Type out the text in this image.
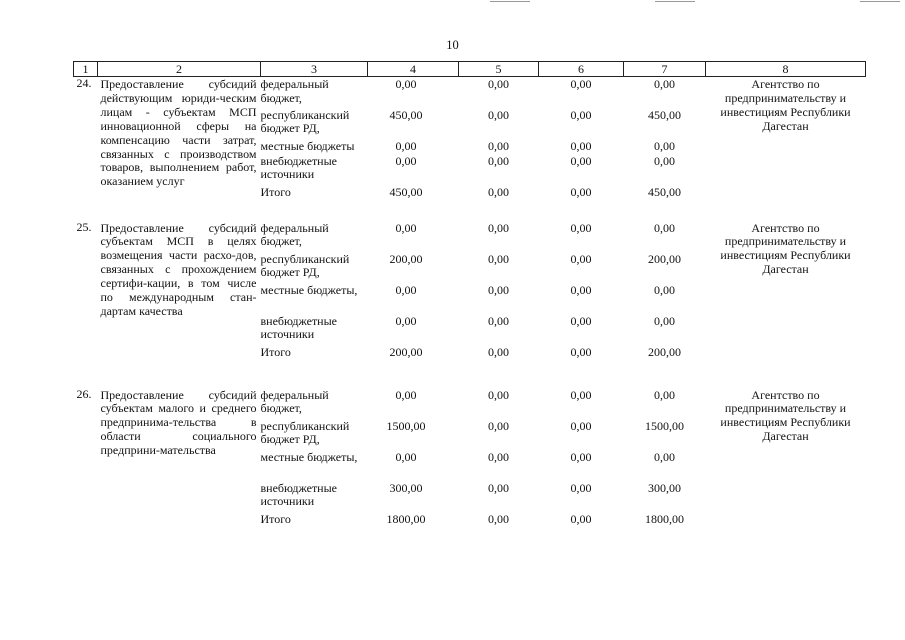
10
1	2	3	4	5	6	7	8
24.	Предоставление субсидий действующим юриди-ческим лицам - субъектам МСП инновационной сферы на компенсацию части затрат, связанных с производством товаров, выполнением работ, оказанием услуг	федеральный бюджет,	0,00	0,00	0,00	0,00	Агентство по предпринимательству и инвестициям Республики Дагестан
		республиканский бюджет РД,	450,00	0,00	0,00	450,00	
		местные бюджеты	0,00	0,00	0,00	0,00	
		внебюджетные источники	0,00	0,00	0,00	0,00	
		Итого	450,00	0,00	0,00	450,00	

25.	Предоставление субсидий субъектам МСП в целях возмещения части расхо-дов, связанных с прохождением сертифи-кации, в том числе по международным стан-дартам качества	федеральный бюджет,	0,00	0,00	0,00	0,00	Агентство по предпринимательству и инвестициям Республики Дагестан
		республиканский бюджет РД,	200,00	0,00	0,00	200,00	
		местные бюджеты,	0,00	0,00	0,00	0,00	
		внебюджетные источники	0,00	0,00	0,00	0,00	
		Итого	200,00	0,00	0,00	200,00	

26.	Предоставление субсидий субъектам малого и среднего предпринима-тельства в области социального предприни-мательства	федеральный бюджет,	0,00	0,00	0,00	0,00	Агентство по предпринимательству и инвестициям Республики Дагестан
		республиканский бюджет РД,	1500,00	0,00	0,00	1500,00	
		местные бюджеты,	0,00	0,00	0,00	0,00	
		внебюджетные источники	300,00	0,00	0,00	300,00	
		Итого	1800,00	0,00	0,00	1800,00	
